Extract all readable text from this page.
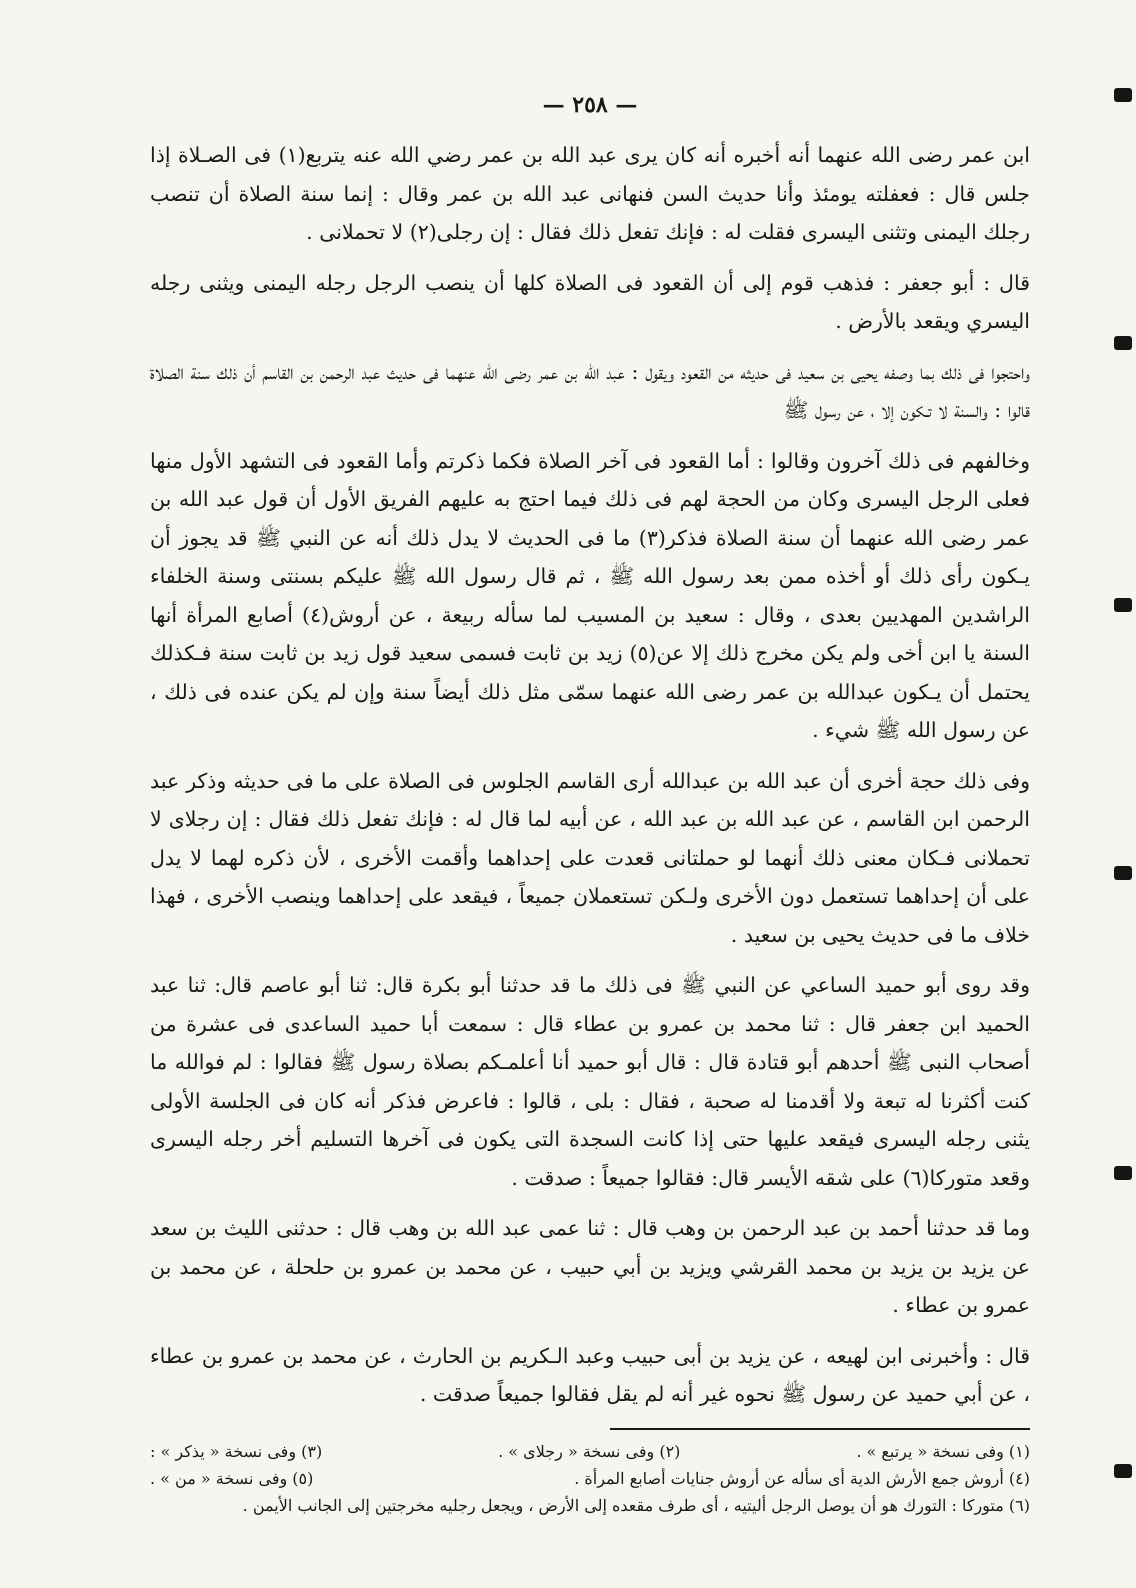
— ٢٥٨ —

ابن عمر رضى الله عنهما أنه أخبره أنه كان يرى عبد الله بن عمر رضي الله عنه يتربع(١) فى الصـلاة إذا جلس قال : فعفلته يومئذ وأنا حديث السن فنهانى عبد الله بن عمر وقال : إنما سنة الصلاة أن تنصب رجلك اليمنى وتثنى اليسرى فقلت له : فإنك تفعل ذلك فقال : إن رجلى(٢) لا تحملانى .

قال : أبو جعفر : فذهب قوم إلى أن القعود فى الصلاة كلها أن ينصب الرجل رجله اليمنى ويثنى رجله اليسري ويقعد بالأرض .

واحتجوا فى ذلك بما وصفه يحيى بن سعيد فى حديثه من القعود ويقول : عبد الله بن عمر رضى الله عنهما فى حديث عبد الرحمن بن القاسم أن ذلك سنة الصلاة قالوا : والسنة لا تـكون إلا ، عن رسول ﷺ

وخالفهم فى ذلك آخرون وقالوا : أما القعود فى آخر الصلاة فكما ذكرتم وأما القعود فى التشهد الأول منها فعلى الرجل اليسرى وكان من الحجة لهم فى ذلك فيما احتج به عليهم الفريق الأول أن قول عبد الله بن عمر رضى الله عنهما أن سنة الصلاة فذكر(٣) ما فى الحديث لا يدل ذلك أنه عن النبي ﷺ قد يجوز أن يـكون رأى ذلك أو أخذه ممن بعد رسول الله ﷺ ، ثم قال رسول الله ﷺ عليكم بسنتى وسنة الخلفاء الراشدين المهديين بعدى ، وقال : سعيد بن المسيب لما سأله ربيعة ، عن أروش(٤) أصابع المرأة أنها السنة يا ابن أخى ولم يكن مخرج ذلك إلا عن(٥) زيد بن ثابت فسمى سعيد قول زيد بن ثابت سنة فـكذلك يحتمل أن يـكون عبدالله بن عمر رضى الله عنهما سمّى مثل ذلك أيضاً سنة وإن لم يكن عنده فى ذلك ، عن رسول الله ﷺ شيء .

وفى ذلك حجة أخرى أن عبد الله بن عبدالله أرى القاسم الجلوس فى الصلاة على ما فى حديثه وذكر عبد الرحمن ابن القاسم ، عن عبد الله بن عبد الله ، عن أبيه لما قال له : فإنك تفعل ذلك فقال : إن رجلاى لا تحملانى فـكان معنى ذلك أنهما لو حملتانى قعدت على إحداهما وأقمت الأخرى ، لأن ذكره لهما لا يدل على أن إحداهما تستعمل دون الأخرى ولـكن تستعملان جميعاً ، فيقعد على إحداهما وينصب الأخرى ، فهذا خلاف ما فى حديث يحيى بن سعيد .

وقد روى أبو حميد الساعي عن النبي ﷺ فى ذلك ما قد حدثنا أبو بكرة قال: ثنا أبو عاصم قال: ثنا عبد الحميد ابن جعفر قال : ثنا محمد بن عمرو بن عطاء قال : سمعت أبا حميد الساعدى فى عشرة من أصحاب النبى ﷺ أحدهم أبو قتادة قال : قال أبو حميد أنا أعلمـكم بصلاة رسول ﷺ فقالوا : لم فوالله ما كنت أكثرنا له تبعة ولا أقدمنا له صحبة ، فقال : بلى ، قالوا : فاعرض فذكر أنه كان فى الجلسة الأولى يثنى رجله اليسرى فيقعد عليها حتى إذا كانت السجدة التى يكون فى آخرها التسليم أخر رجله اليسرى وقعد متوركا(٦) على شقه الأيسر قال: فقالوا جميعاً : صدقت .

وما قد حدثنا أحمد بن عبد الرحمن بن وهب قال : ثنا عمى عبد الله بن وهب قال : حدثنى الليث بن سعد عن يزيد بن يزيد بن محمد القرشي ويزيد بن أبي حبيب ، عن محمد بن عمرو بن حلحلة ، عن محمد بن عمرو بن عطاء .

قال : وأخبرنى ابن لهيعه ، عن يزيد بن أبى حبيب وعبد الـكريم بن الحارث ، عن محمد بن عمرو بن عطاء ، عن أبي حميد عن رسول ﷺ نحوه غير أنه لم يقل فقالوا جميعاً صدقت .

(١) وفى نسخة « يرتبع » .
(٢) وفى نسخة « رجلاى » .
(٣) وفى نسخة « يذكر » :
(٤) أروش جمع الأرش الدية أى سأله عن أروش جنايات أصابع المرأة .
(٥) وفى نسخة « من » .
(٦) متوركا : التورك هو أن يوصل الرجل أليتيه ، أى طرف مقعده إلى الأرض ، ويجعل رجليه مخرجتين إلى الجانب الأيمن .
